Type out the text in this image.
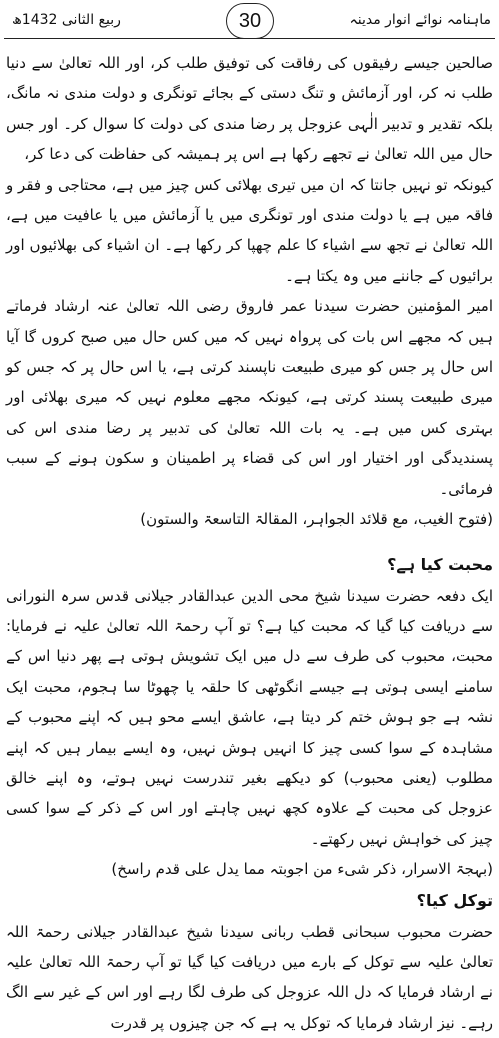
ماہنامہ نوائے انوار مدینہ
30
ربیع الثانی 1432ھ

صالحین جیسے رفیقوں کی رفاقت کی توفیق طلب کر، اور اللہ تعالیٰ سے دنیا طلب نہ کر، اور آزمائش و تنگ دستی کے بجائے تونگری و دولت مندی نہ مانگ، بلکہ تقدیر و تدبیر الٰہی عزوجل پر رضا مندی کی دولت کا سوال کر۔ اور جس حال میں اللہ تعالیٰ نے تجھے رکھا ہے اس پر ہمیشہ کی حفاظت کی دعا کر،

کیونکہ تو نہیں جانتا کہ ان میں تیری بھلائی کس چیز میں ہے، محتاجی و فقر و فاقہ میں ہے یا دولت مندی اور تونگری میں یا آزمائش میں یا عافیت میں ہے، اللہ تعالیٰ نے تجھ سے اشیاء کا علم چھپا کر رکھا ہے۔ ان اشیاء کی بھلائیوں اور برائیوں کے جاننے میں وہ یکتا ہے۔

امیر المؤمنین حضرت سیدنا عمر فاروق رضی اللہ تعالیٰ عنہ ارشاد فرماتے ہیں کہ مجھے اس بات کی پرواہ نہیں کہ میں کس حال میں صبح کروں گا آیا اس حال پر جس کو میری طبیعت ناپسند کرتی ہے، یا اس حال پر کہ جس کو میری طبیعت پسند کرتی ہے، کیونکہ مجھے معلوم نہیں کہ میری بھلائی اور بہتری کس میں ہے۔ یہ بات اللہ تعالیٰ کی تدبیر پر رضا مندی اس کی پسندیدگی اور اختیار اور اس کی قضاء پر اطمینان و سکون ہونے کے سبب فرمائی۔

(فتوح الغیب، مع قلائد الجواہر، المقالۃ التاسعۃ والستون)

محبت کیا ہے؟

ایک دفعہ حضرت سیدنا شیخ محی الدین عبدالقادر جیلانی قدس سرہ النورانی سے دریافت کیا گیا کہ محبت کیا ہے؟ تو آپ رحمۃ اللہ تعالیٰ علیہ نے فرمایا: محبت، محبوب کی طرف سے دل میں ایک تشویش ہوتی ہے پھر دنیا اس کے سامنے ایسی ہوتی ہے جیسے انگوٹھی کا حلقہ یا چھوٹا سا ہجوم، محبت ایک نشہ ہے جو ہوش ختم کر دیتا ہے، عاشق ایسے محو ہیں کہ اپنے محبوب کے مشاہدہ کے سوا کسی چیز کا انہیں ہوش نہیں، وہ ایسے بیمار ہیں کہ اپنے مطلوب (یعنی محبوب) کو دیکھے بغیر تندرست نہیں ہوتے، وہ اپنے خالق عزوجل کی محبت کے علاوہ کچھ نہیں چاہتے اور اس کے ذکر کے سوا کسی چیز کی خواہش نہیں رکھتے۔

(بہجۃ الاسرار، ذکر شیء من اجوبتہ مما یدل علی قدم راسخ)

توکل کیا؟

حضرت محبوب سبحانی قطب ربانی سیدنا شیخ عبدالقادر جیلانی رحمۃ اللہ تعالیٰ علیہ سے توکل کے بارے میں دریافت کیا گیا تو آپ رحمۃ اللہ تعالیٰ علیہ نے ارشاد فرمایا کہ دل اللہ عزوجل کی طرف لگا رہے اور اس کے غیر سے الگ رہے۔ نیز ارشاد فرمایا کہ توکل یہ ہے کہ جن چیزوں پر قدرت
